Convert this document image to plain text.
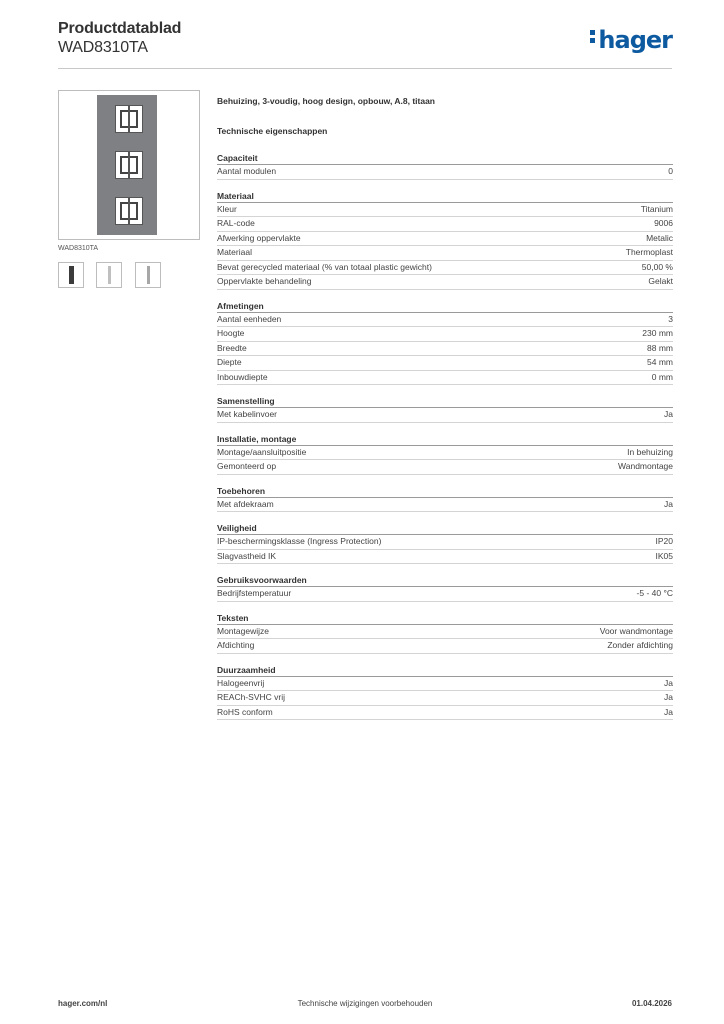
Productdatablad
WAD8310TA	hager
WAD8310TA
Behuizing, 3-voudig, hoog design, opbouw, A.8, titaan
Technische eigenschappen
Capaciteit
Aantal modulen	0
Materiaal
Kleur	Titanium
RAL-code	9006
Afwerking oppervlakte	Metalic
Materiaal	Thermoplast
Bevat gerecycled materiaal (% van totaal plastic gewicht)	50,00 %
Oppervlakte behandeling	Gelakt
Afmetingen
Aantal eenheden	3
Hoogte	230 mm
Breedte	88 mm
Diepte	54 mm
Inbouwdiepte	0 mm
Samenstelling
Met kabelinvoer	Ja
Installatie, montage
Montage/aansluitpositie	In behuizing
Gemonteerd op	Wandmontage
Toebehoren
Met afdekraam	Ja
Veiligheid
IP-beschermingsklasse (Ingress Protection)	IP20
Slagvastheid IK	IK05
Gebruiksvoorwaarden
Bedrijfstemperatuur	-5 - 40 °C
Teksten
Montagewijze	Voor wandmontage
Afdichting	Zonder afdichting
Duurzaamheid
Halogeenvrij	Ja
REACh-SVHC vrij	Ja
RoHS conform	Ja
hager.com/nl	Technische wijzigingen voorbehouden	01.04.2026
